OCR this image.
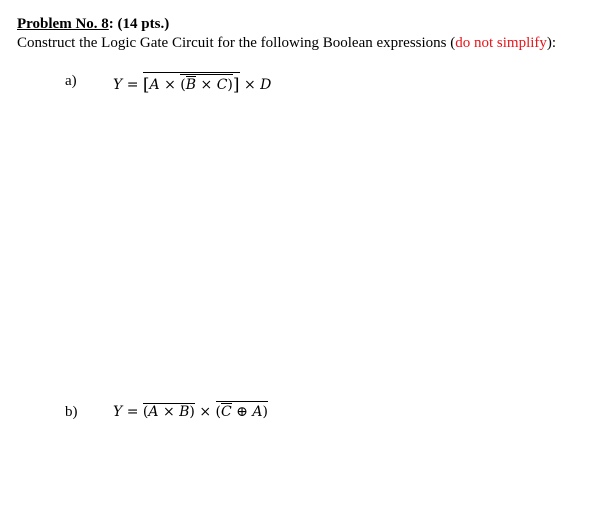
Problem No. 8: (14 pts.)
Construct the Logic Gate Circuit for the following Boolean expressions (do not simplify):
a)	Y = [A × (B × C)] × D
b)	Y = (A × B) × (C ⊕ A)
